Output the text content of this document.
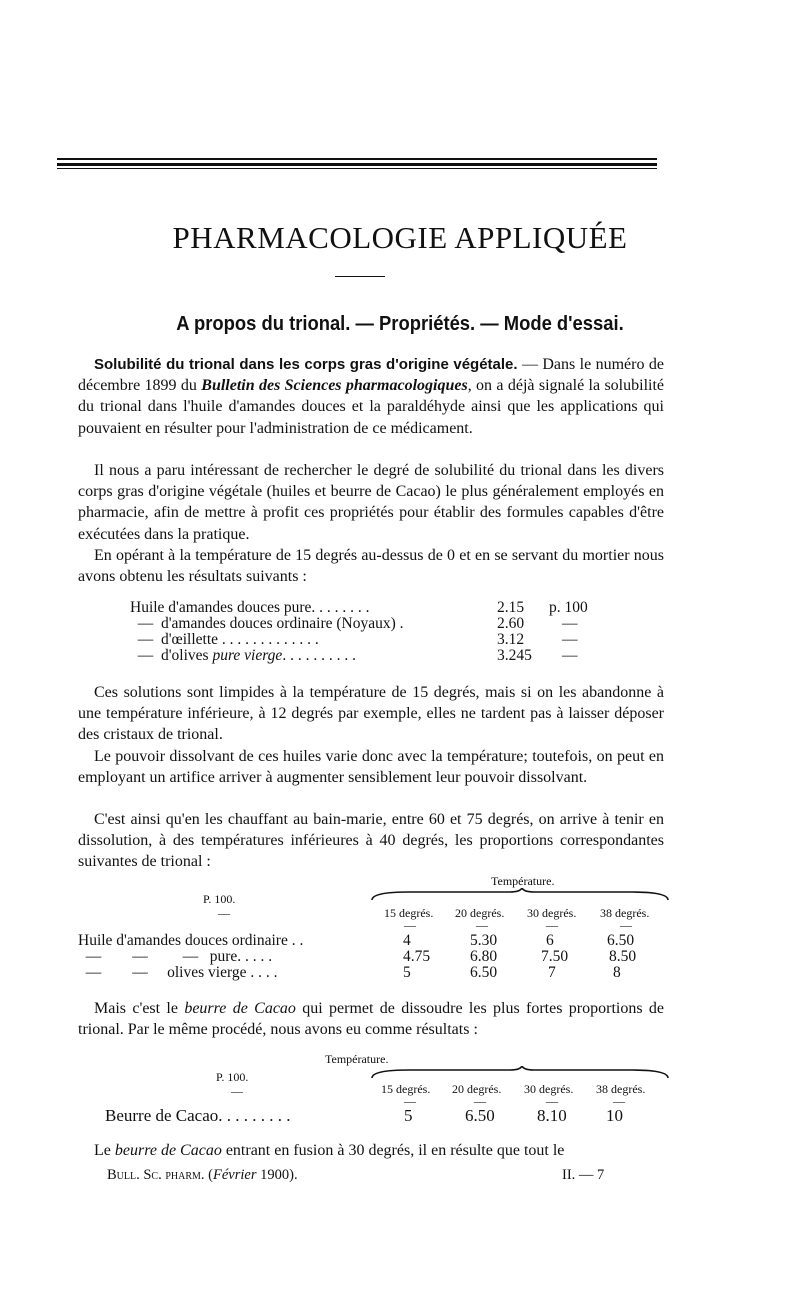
PHARMACOLOGIE APPLIQUÉE
A propos du trional. — Propriétés. — Mode d'essai.

 Solubilité du trional dans les corps gras d'origine végétale. — Dans le numéro de décembre 1899 du Bulletin des Sciences pharmacologiques, on a déjà signalé la solubilité du trional dans l'huile d'amandes douces et la paraldéhyde ainsi que les applications qui pouvaient en résulter pour l'administration de ce médicament.

 Il nous a paru intéressant de rechercher le degré de solubilité du trional dans les divers corps gras d'origine végétale (huiles et beurre de Cacao) le plus généralement employés en pharmacie, afin de mettre à profit ces propriétés pour établir des formules capables d'être exécutées dans la pratique.

 En opérant à la température de 15 degrés au-dessus de 0 et en se servant du mortier nous avons obtenu les résultats suivants :

Huile d'amandes douces pure. . . . . . . .	2.15 p. 100
—  d'amandes douces ordinaire (Noyaux) .	2.60 —
—  d'œillette . . . . . . . . . . . . .	3.12 —
—  d'olives pure vierge. . . . . . . . . .	3.245 —

 Ces solutions sont limpides à la température de 15 degrés, mais si on les abandonne à une température inférieure, à 12 degrés par exemple, elles ne tardent pas à laisser déposer des cristaux de trional.

 Le pouvoir dissolvant de ces huiles varie donc avec la température; toutefois, on peut en employant un artifice arriver à augmenter sensiblement leur pouvoir dissolvant.

 C'est ainsi qu'en les chauffant au bain-marie, entre 60 et 75 degrés, on arrive à tenir en dissolution, à des températures inférieures à 40 degrés, les proportions correspondantes suivantes de trional :

Température.
P. 100.
—	15 degrés. 20 degrés. 30 degrés. 38 degrés.
—	—	—	—
Huile d'amandes douces ordinaire . .	4	5.30	6	6.50
—        —         —   pure. . . . .	4.75	6.80	7.50	8.50
—        —     olives vierge . . . .	5	6.50	7	8

 Mais c'est le beurre de Cacao qui permet de dissoudre les plus fortes proportions de trional. Par le même procédé, nous avons eu comme résultats :

Température.
P. 100.
—	15 degrés. 20 degrés. 30 degrés. 38 degrés.
—	—	—	—
Beurre de Cacao. . . . . . . . .	5	6.50 8.10 10

 Le beurre de Cacao entrant en fusion à 30 degrés, il en résulte que tout le

Bull. Sc. pharm. (Février 1900).	II. — 7
